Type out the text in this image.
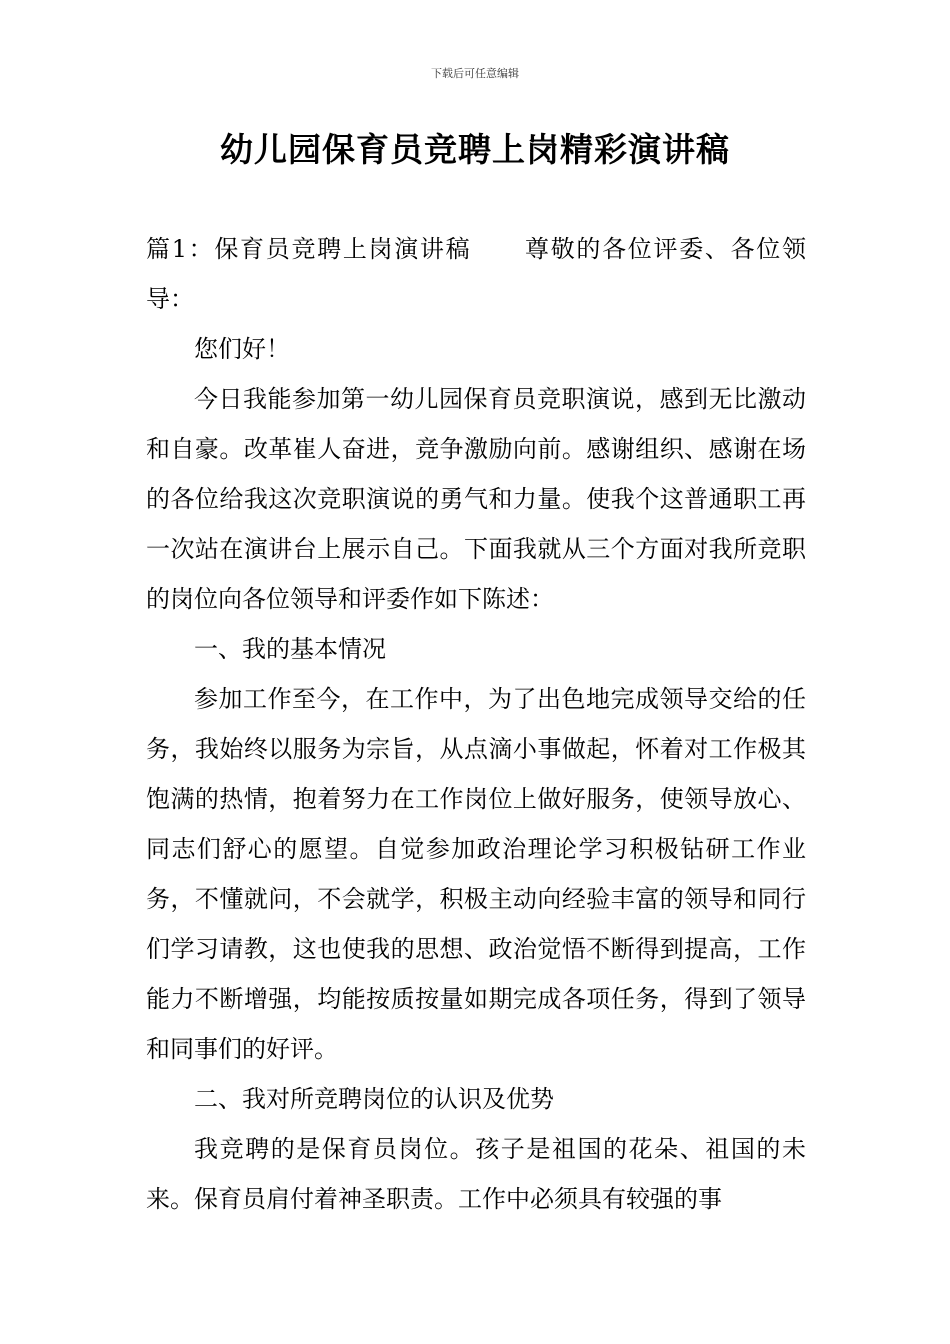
下载后可任意编辑
幼儿园保育员竞聘上岗精彩演讲稿

篇1：保育员竞聘上岗演讲稿 尊敬的各位评委、各位领导：

您们好！

今日我能参加第一幼儿园保育员竞职演说，感到无比激动和自豪。改革崔人奋进，竞争激励向前。感谢组织、感谢在场的各位给我这次竞职演说的勇气和力量。使我个这普通职工再一次站在演讲台上展示自己。下面我就从三个方面对我所竞职的岗位向各位领导和评委作如下陈述：

一、我的基本情况

参加工作至今，在工作中，为了出色地完成领导交给的任务，我始终以服务为宗旨，从点滴小事做起，怀着对工作极其饱满的热情，抱着努力在工作岗位上做好服务，使领导放心、同志们舒心的愿望。自觉参加政治理论学习积极钻研工作业务，不懂就问，不会就学，积极主动向经验丰富的领导和同行们学习请教，这也使我的思想、政治觉悟不断得到提高，工作能力不断增强，均能按质按量如期完成各项任务，得到了领导和同事们的好评。

二、我对所竞聘岗位的认识及优势

我竞聘的是保育员岗位。孩子是祖国的花朵、祖国的未来。保育员肩付着神圣职责。工作中必须具有较强的事
